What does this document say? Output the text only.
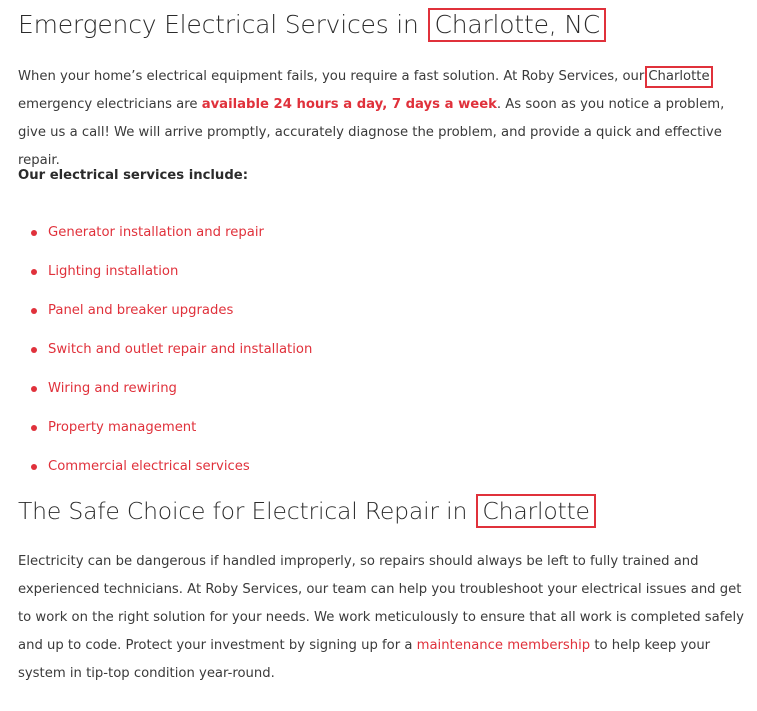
Emergency Electrical Services in Charlotte, NC

When your home’s electrical equipment fails, you require a fast solution. At Roby Services, our Charlotte emergency electricians are available 24 hours a day, 7 days a week. As soon as you notice a problem, give us a call! We will arrive promptly, accurately diagnose the problem, and provide a quick and effective repair.

Our electrical services include:

Generator installation and repair
Lighting installation
Panel and breaker upgrades
Switch and outlet repair and installation
Wiring and rewiring
Property management
Commercial electrical services
The Safe Choice for Electrical Repair in Charlotte

Electricity can be dangerous if handled improperly, so repairs should always be left to fully trained and experienced technicians. At Roby Services, our team can help you troubleshoot your electrical issues and get to work on the right solution for your needs. We work meticulously to ensure that all work is completed safely and up to code. Protect your investment by signing up for a maintenance membership to help keep your system in tip-top condition year-round.
